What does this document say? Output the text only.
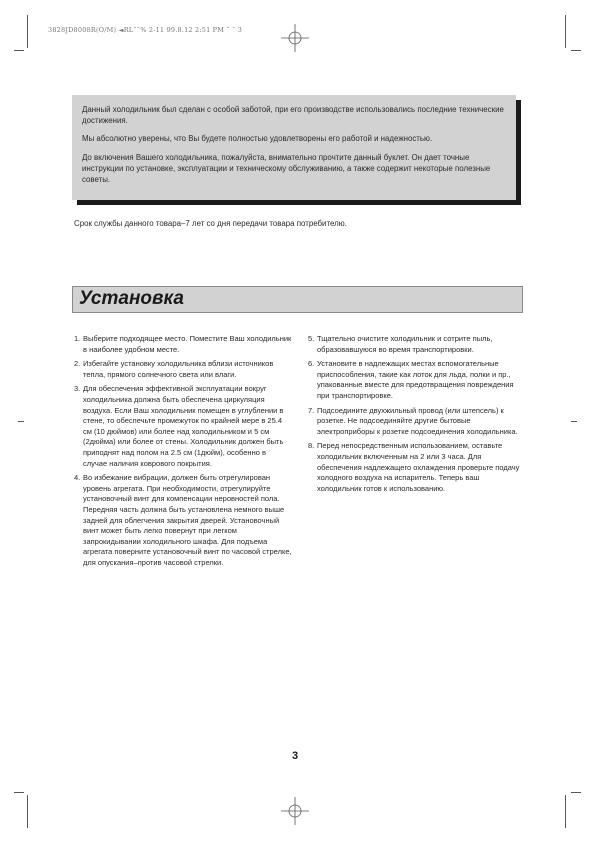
3828JD8008R(O/M) ◄RL˜˜% 2-11 99.8.12 2:51 PM ˜ ˜ 3

Данный холодильник был сделан с особой заботой, при его производстве использовались последние технические достижения.

Мы абсолютно уверены, что Вы будете полностью удовлетворены его работой и надежностью.

До включения Вашего холодильника, пожалуйста, внимательно прочтите данный буклет. Он дает точные инструкции по установке, эксплуатации и техническому обслуживанию, а также содержит некоторые полезные советы.

Срок службы данного товара–7 лет со дня передачи товара потребителю.
Установка
1. Выберите подходящее место. Поместите Ваш холодильник в наиболее удобном месте.
2. Избегайте установку холодильника вблизи источников тепла, прямого солнечного света или влаги.
3. Для обеспечения эффективной эксплуатации вокруг холодильника должна быть обеспечена циркуляция воздуха. Если Ваш холодильник помещен в углублении в стене, то обеспечьте промежуток по крайней мере в 25.4 см (10 дюймов) или более над холодильником и 5 см (2дюйма) или более от стены. Холодильник должен быть приподнят над полом на 2.5 см (1дюйм), особенно в случае наличия коврового покрытия.
4. Во избежание вибрации, должен быть отрегулирован уровень агрегата. При необходимости, отрегулируйте установочный винт для компенсации неровностей пола. Передняя часть должна быть установлена немного выше задней для облегчения закрытия дверей. Установочный винт может быть легко повернут при легком запрокидывании холодильного шкафа. Для подъема агрегата поверните установочный винт по часовой стрелке, для опускания–против часовой стрелки.
5. Тщательно очистите холодильник и сотрите пыль, образовавшуюся во время транспортировки.
6. Установите в надлежащих местах вспомогательные приспособления, такие как лоток для льда, полки и пр., упакованные вместе для предотвращения повреждения при транспортировке.
7. Подсоедините двухжильный провод (или штепсель) к розетке. Не подсоединяйте другие бытовые электроприборы к розетке подсоединения холодильника.
8. Перед непосредственным использованием, оставьте холодильник включенным на 2 или 3 часа. Для обеспечения надлежащего охлаждения проверьте подачу холодного воздуха на испаритель. Теперь ваш холодильник готов к использованию.
3
